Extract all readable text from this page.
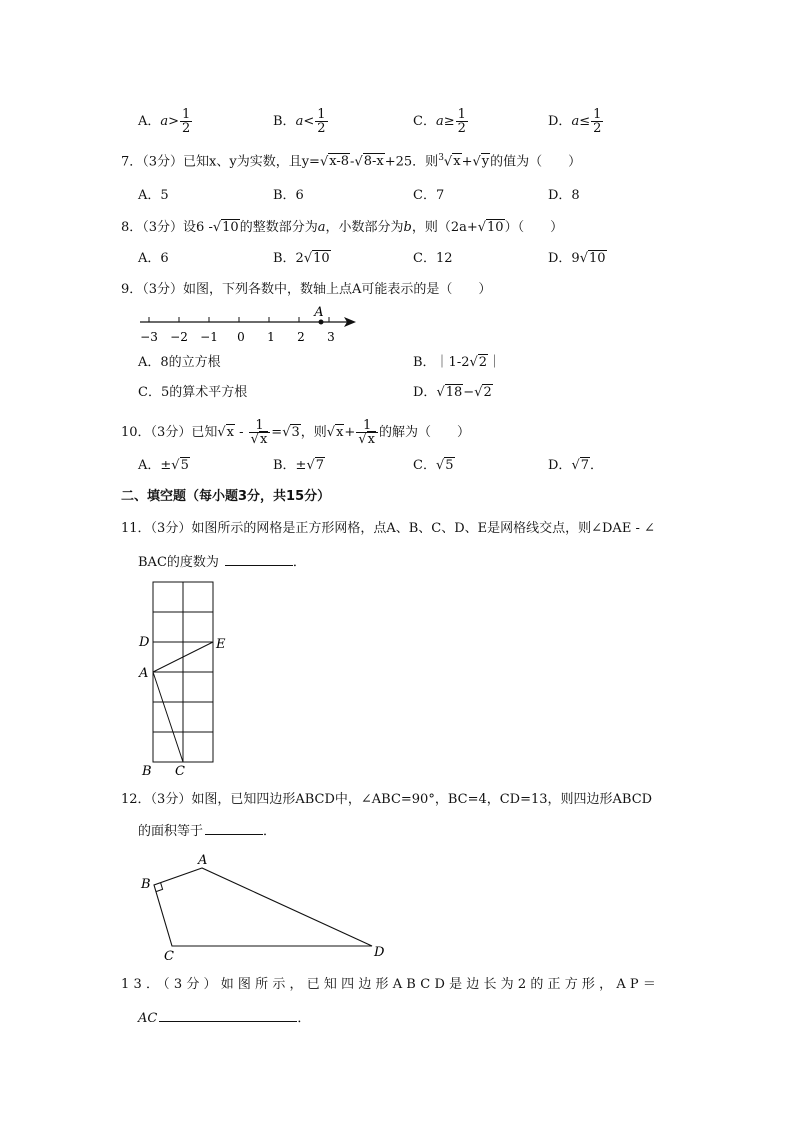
A．$a> \frac{1}{2}$	B．$a< \frac{1}{2}$	C．$a\ge \frac{1}{2}$	D．$a\le \frac{1}{2}$
7．（3分）已知x、y为实数，且y=√x-8-√8-x+25．则$^3$√x+√y的值为（　　）
A．5	B．6	C．7	D．8
8．（3分）设6 -√10的整数部分为a，小数部分为b，则（2a+√10）（　　）
A．6	B．2√10	C．12	D．9√10
9．（3分）如图，下列各数中，数轴上点A可能表示的是（　　）
A
−3 −2 −1 0 1 2 3
A．8的立方根	B．｜1-2√2｜
C．5的算术平方根	D．√18−√2
10．（3分）已知$√x - \frac{1}{√x} =√3$，则$√x+ \frac{1}{√x}$ 的解为（　　）
A．±√5	B．±√7	C．√5	D．√7．
二、填空题（每小题3分，共15分）
11．（3分）如图所示的网格是正方形网格，点A、B、C、D、E是网格线交点，则∠DAE - ∠
BAC的度数为	．
D	E
A
B C
12．（3分）如图，已知四边形ABCD中，∠ABC=90°，BC=4，CD=13，则四边形ABCD
的面积等于	．
A
B
C	D
13．（3分）如图所示，已知四边形ABCD是边长为2的正方形，AP＝
AC	．
